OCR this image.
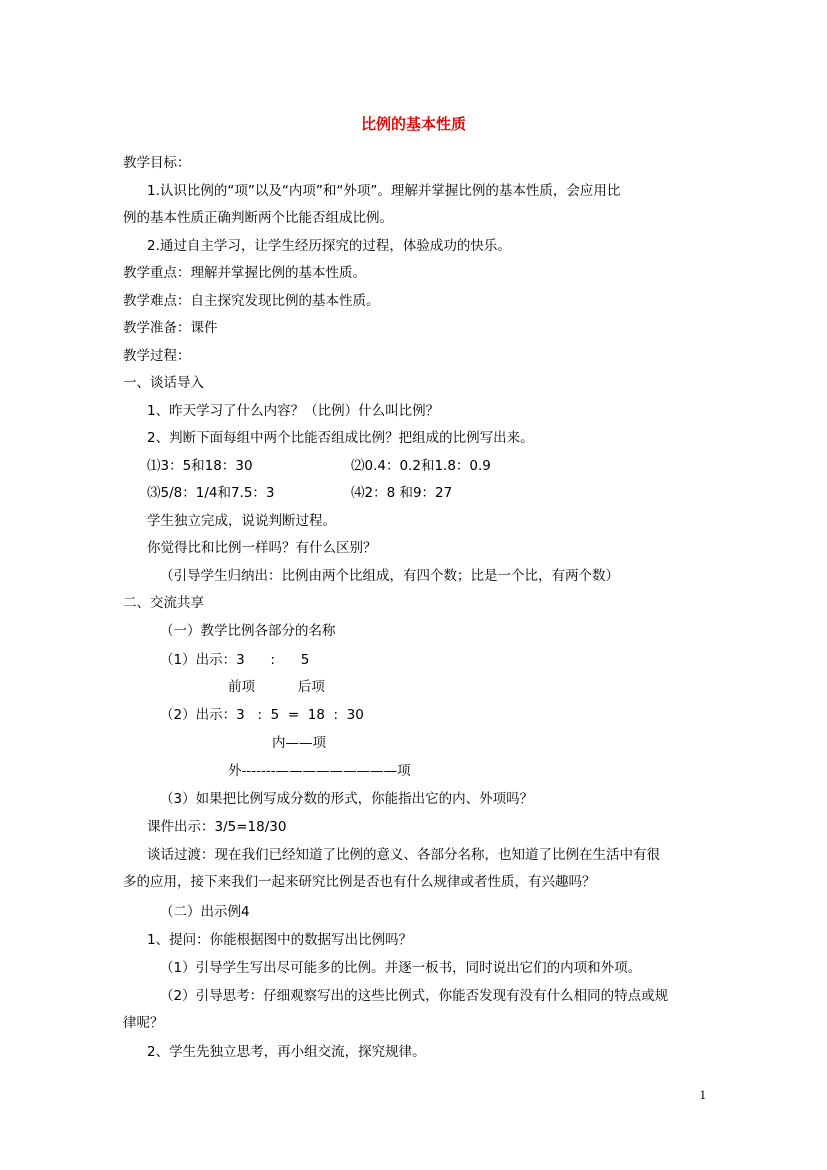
比例的基本性质
教学目标：
1.认识比例的“项”以及“内项”和“外项”。理解并掌握比例的基本性质，会应用比
例的基本性质正确判断两个比能否组成比例。
2.通过自主学习，让学生经历探究的过程，体验成功的快乐。
教学重点：理解并掌握比例的基本性质。
教学难点：自主探究发现比例的基本性质。
教学准备：课件
教学过程：
一、谈话导入
1、昨天学习了什么内容？（比例）什么叫比例？
2、判断下面每组中两个比能否组成比例？把组成的比例写出来。
⑴3：5和18：30	⑵0.4：0.2和1.8：0.9
⑶5/8：1/4和7.5：3	⑷2：8 和9：27
学生独立完成，说说判断过程。
你觉得比和比例一样吗？有什么区别？
（引导学生归纳出：比例由两个比组成，有四个数；比是一个比，有两个数）
二、交流共享
（一）教学比例各部分的名称
（1）出示：3      :      5
前项          后项
（2）出示：3   :  5  =  18  :  30
内——项
外-------—————————项
（3）如果把比例写成分数的形式，你能指出它的内、外项吗？
课件出示：3/5=18/30
谈话过渡：现在我们已经知道了比例的意义、各部分名称，也知道了比例在生活中有很
多的应用，接下来我们一起来研究比例是否也有什么规律或者性质，有兴趣吗？
（二）出示例4
1、提问：你能根据图中的数据写出比例吗？
（1）引导学生写出尽可能多的比例。并逐一板书，同时说出它们的内项和外项。
（2）引导思考：仔细观察写出的这些比例式，你能否发现有没有什么相同的特点或规
律呢？
2、学生先独立思考，再小组交流，探究规律。
1
